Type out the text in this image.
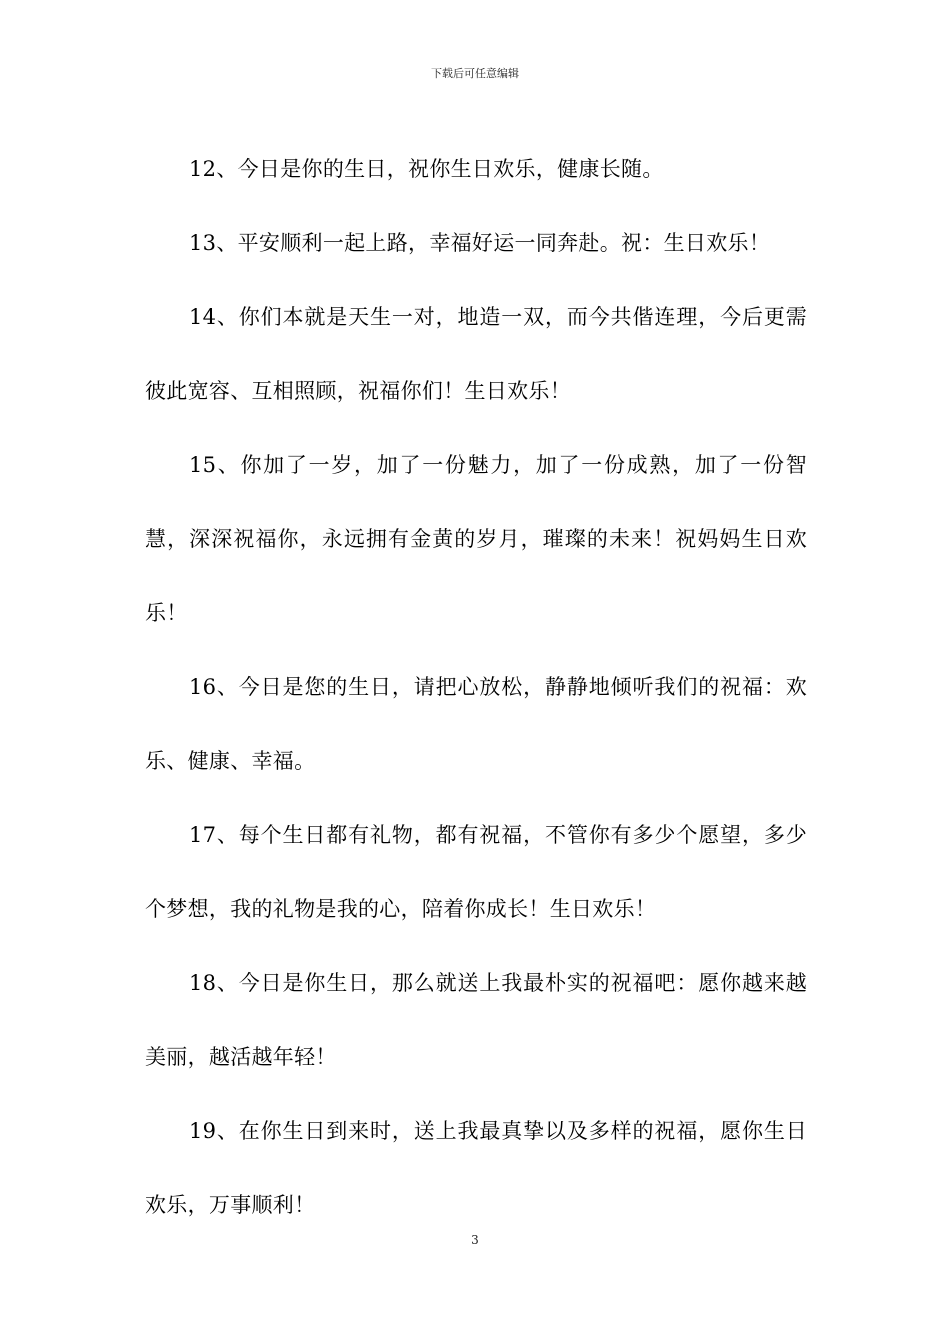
下载后可任意编辑

12、今日是你的生日，祝你生日欢乐，健康长随。

13、平安顺利一起上路，幸福好运一同奔赴。祝：生日欢乐！

14、你们本就是天生一对，地造一双，而今共偕连理，今后更需彼此宽容、互相照顾，祝福你们！生日欢乐！

15、你加了一岁，加了一份魅力，加了一份成熟，加了一份智慧，深深祝福你，永远拥有金黄的岁月，璀璨的未来！祝妈妈生日欢乐！

16、今日是您的生日，请把心放松，静静地倾听我们的祝福：欢乐、健康、幸福。

17、每个生日都有礼物，都有祝福，不管你有多少个愿望，多少个梦想，我的礼物是我的心，陪着你成长！生日欢乐！

18、今日是你生日，那么就送上我最朴实的祝福吧：愿你越来越美丽，越活越年轻！

19、在你生日到来时，送上我最真挚以及多样的祝福，愿你生日欢乐，万事顺利！

3
